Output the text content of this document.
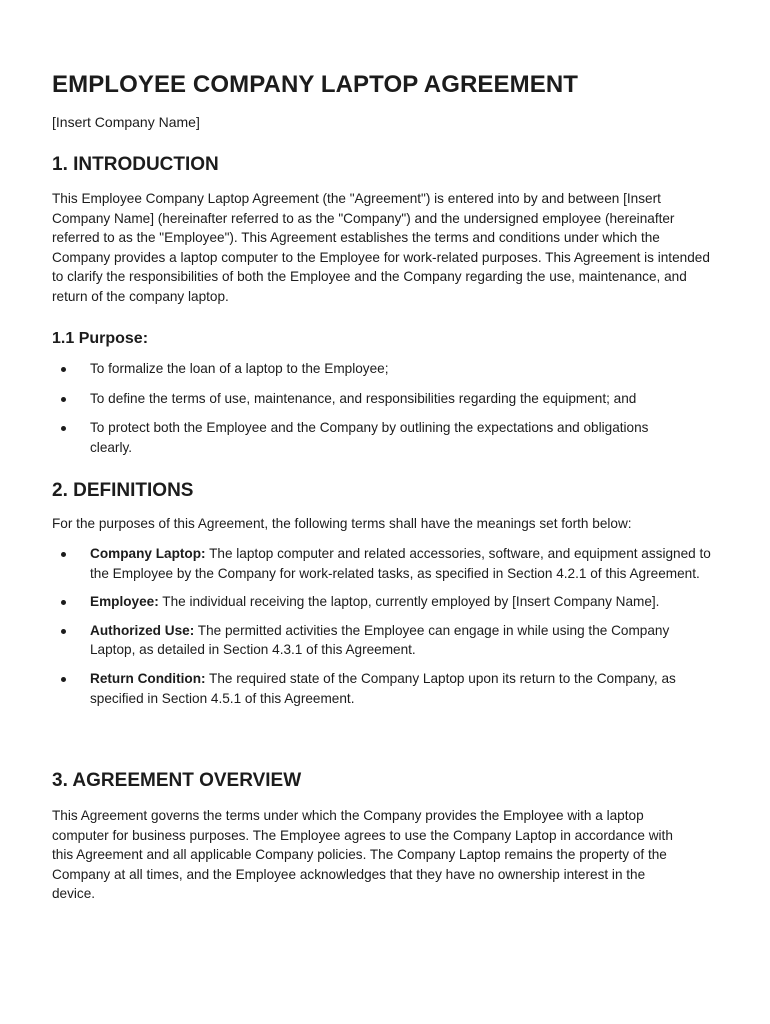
EMPLOYEE COMPANY LAPTOP AGREEMENT

[Insert Company Name]

1. INTRODUCTION

This Employee Company Laptop Agreement (the "Agreement") is entered into by and between [Insert Company Name] (hereinafter referred to as the "Company") and the undersigned employee (hereinafter referred to as the "Employee"). This Agreement establishes the terms and conditions under which the Company provides a laptop computer to the Employee for work-related purposes. This Agreement is intended to clarify the responsibilities of both the Employee and the Company regarding the use, maintenance, and return of the company laptop.

1.1 Purpose:
To formalize the loan of a laptop to the Employee;
To define the terms of use, maintenance, and responsibilities regarding the equipment; and
To protect both the Employee and the Company by outlining the expectations and obligations clearly.
2. DEFINITIONS

For the purposes of this Agreement, the following terms shall have the meanings set forth below:

Company Laptop: The laptop computer and related accessories, software, and equipment assigned to the Employee by the Company for work-related tasks, as specified in Section 4.2.1 of this Agreement.
Employee: The individual receiving the laptop, currently employed by [Insert Company Name].
Authorized Use: The permitted activities the Employee can engage in while using the Company Laptop, as detailed in Section 4.3.1 of this Agreement.
Return Condition: The required state of the Company Laptop upon its return to the Company, as specified in Section 4.5.1 of this Agreement.
3. AGREEMENT OVERVIEW

This Agreement governs the terms under which the Company provides the Employee with a laptop computer for business purposes. The Employee agrees to use the Company Laptop in accordance with this Agreement and all applicable Company policies. The Company Laptop remains the property of the Company at all times, and the Employee acknowledges that they have no ownership interest in the device.
